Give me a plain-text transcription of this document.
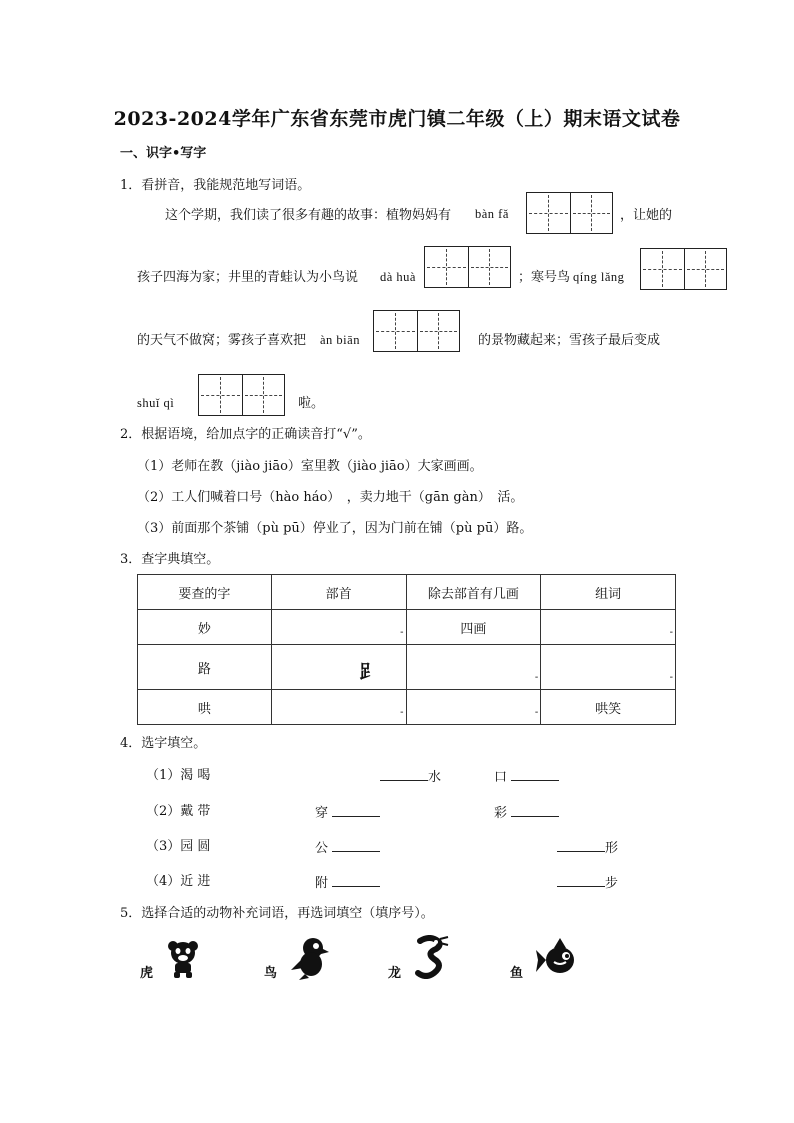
2023-2024学年广东省东莞市虎门镇二年级（上）期末语文试卷
一、识字•写字
1．看拼音，我能规范地写词语。
这个学期，我们读了很多有趣的故事：植物妈妈有 bàn fǎ	，让她的
孩子四海为家；井里的青蛙认为小鸟说 dà huà	；寒号鸟 qíng lǎng
的天气不做窝；雾孩子喜欢把 àn biān	的景物藏起来；雪孩子最后变成
shuǐ qì	啦。
2．根据语境，给加点字的正确读音打“√”。
（1）老师在教（jiào jiāo）室里教（jiào jiāo）大家画画。
（2）工人们喊着口号（hào háo）　，卖力地干（gān gàn）　活。
（3）前面那个茶铺（pù pū）停业了，因为门前在铺（pù pū）路。
3．查字典填空。
要查的字	部首	除去部首有几画	组词
妙	-	四画	-

路	𧾷	-	-

哄	-	-	哄笑
4．选字填空。
（1）渴 喝	水	口
（2）戴 带	穿	彩
（3）园 圆	公	形
（4）近 进	附	步
5．选择合适的动物补充词语，再选词填空（填序号）。
虎	鸟	龙	鱼
